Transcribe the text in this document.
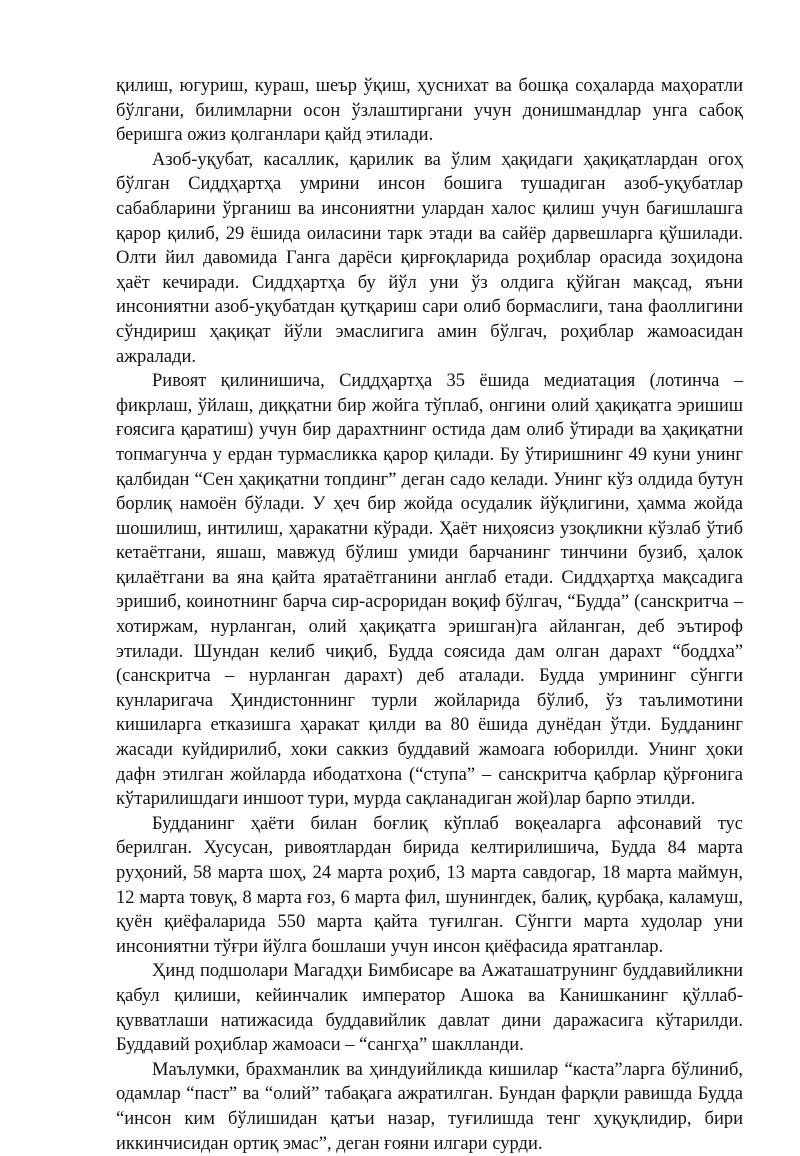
қилиш, югуриш, кураш, шеър ўқиш, ҳуснихат ва бошқа соҳаларда маҳоратли бўлгани, билимларни осон ўзлаштиргани учун донишмандлар унга сабоқ беришга ожиз қолганлари қайд этилади.

Азоб-уқубат, касаллик, қарилик ва ўлим ҳақидаги ҳақиқатлардан огоҳ бўлган Сиддҳартҳа умрини инсон бошига тушадиган азоб-уқубатлар сабабларини ўрганиш ва инсониятни улардан халос қилиш учун бағишлашга қарор қилиб, 29 ёшида оиласини тарк этади ва сайёр дарвешларга қўшилади. Олти йил давомида Ганга дарёси қирғоқларида роҳиблар орасида зоҳидона ҳаёт кечиради. Сиддҳартҳа бу йўл уни ўз олдига қўйган мақсад, яъни инсониятни азоб-уқубатдан қутқариш сари олиб бормаслиги, тана фаоллигини сўндириш ҳақиқат йўли эмаслигига амин бўлгач, роҳиблар жамоасидан ажралади.

Ривоят қилинишича, Сиддҳартҳа 35 ёшида медиатация (лотинча – фикрлаш, ўйлаш, диққатни бир жойга тўплаб, онгини олий ҳақиқатга эришиш ғоясига қаратиш) учун бир дарахтнинг остида дам олиб ўтиради ва ҳақиқатни топмагунча у ердан турмасликка қарор қилади. Бу ўтиришнинг 49 куни унинг қалбидан “Сен ҳақиқатни топдинг” деган садо келади. Унинг кўз олдида бутун борлиқ намоён бўлади. У ҳеч бир жойда осудалик йўқлигини, ҳамма жойда шошилиш, интилиш, ҳаракатни кўради. Ҳаёт ниҳоясиз узоқликни кўзлаб ўтиб кетаётгани, яшаш, мавжуд бўлиш умиди барчанинг тинчини бузиб, ҳалок қилаётгани ва яна қайта яратаётганини англаб етади. Сиддҳартҳа мақсадига эришиб, коинотнинг барча сир-асроридан воқиф бўлгач, “Будда” (санскритча – хотиржам, нурланган, олий ҳақиқатга эришган)га айланган, деб эътироф этилади. Шундан келиб чиқиб, Будда соясида дам олган дарахт “боддха” (санскритча – нурланган дарахт) деб аталади. Будда умрининг сўнгги кунларигача Ҳиндистоннинг турли жойларида бўлиб, ўз таълимотини кишиларга етказишга ҳаракат қилди ва 80 ёшида дунёдан ўтди. Будданинг жасади куйдирилиб, хоки саккиз буддавий жамоага юборилди. Унинг ҳоки дафн этилган жойларда ибодатхона (“ступа” – санскритча қабрлар қўрғонига кўтарилишдаги иншоот тури, мурда сақланадиган жой)лар барпо этилди.

Будданинг ҳаёти билан боғлиқ кўплаб воқеаларга афсонавий тус берилган. Хусусан, ривоятлардан бирида келтирилишича, Будда 84 марта руҳоний, 58 марта шоҳ, 24 марта роҳиб, 13 марта савдогар, 18 марта маймун, 12 марта товуқ, 8 марта ғоз, 6 марта фил, шунингдек, балиқ, қурбақа, каламуш, қуён қиёфаларида 550 марта қайта туғилган. Сўнгги марта худолар уни инсониятни тўғри йўлга бошлаши учун инсон қиёфасида яратганлар.

Ҳинд подшолари Магадҳи Бимбисаре ва Ажаташатрунинг буддавийликни қабул қилиши, кейинчалик император Ашока ва Канишканинг қўллаб-қувватлаши натижасида буддавийлик давлат дини даражасига кўтарилди. Буддавий роҳиблар жамоаси – “сангҳа” шаклланди.

Маълумки, брахманлик ва ҳиндуийликда кишилар “каста”ларга бўлиниб, одамлар “паст” ва “олий” табақага ажратилган. Бундан фарқли равишда Будда “инсон ким бўлишидан қатъи назар, туғилишда тенг ҳуқуқлидир, бири иккинчисидан ортиқ эмас”, деган ғояни илгари сурди.
